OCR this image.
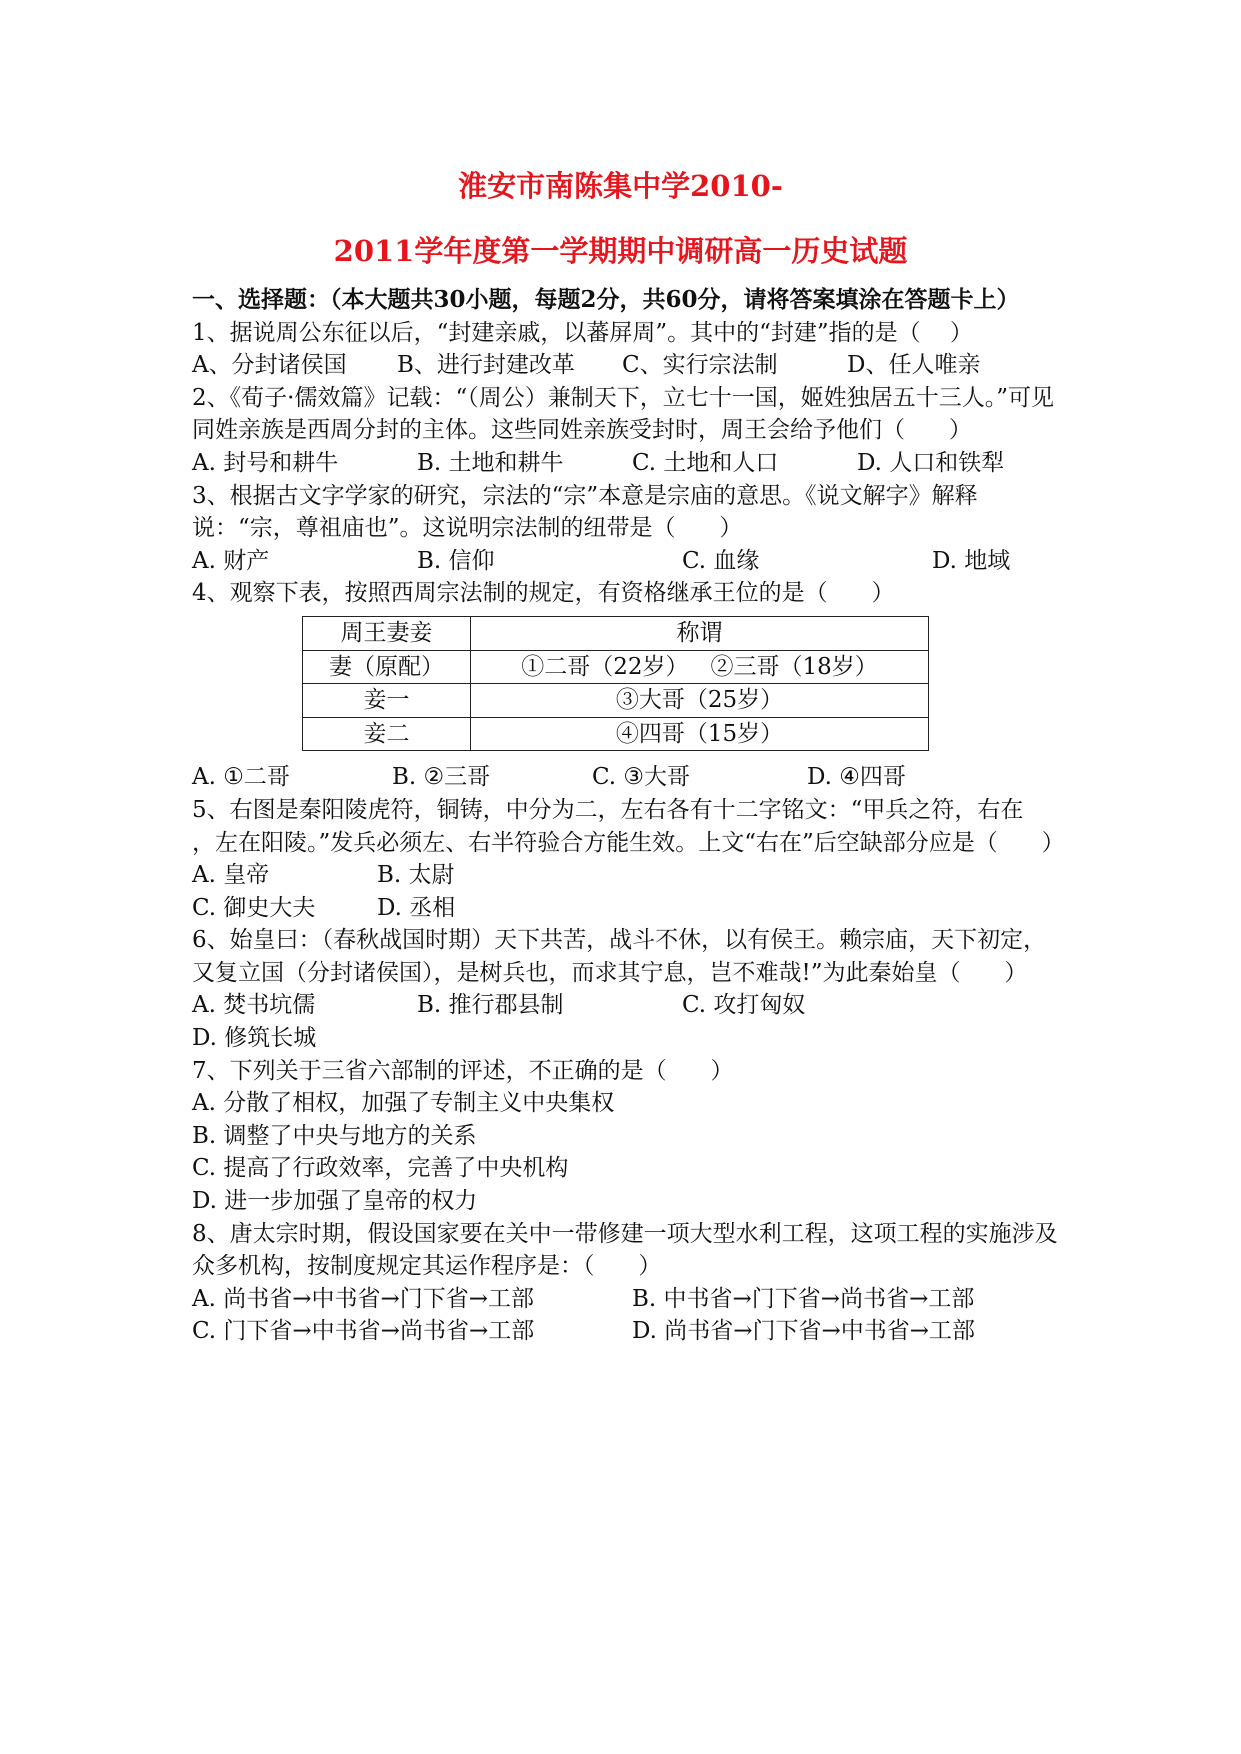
淮安市南陈集中学2010-
2011学年度第一学期期中调研高一历史试题

一、选择题：（本大题共30小题，每题2分，共60分，请将答案填涂在答题卡上）

1、据说周公东征以后，“封建亲戚，以蕃屏周”。其中的“封建”指的是（    ）

A、分封诸侯国	B、进行封建改革	C、实行宗法制	D、任人唯亲

2、《荀子·儒效篇》记载：“（周公）兼制天下，立七十一国，姬姓独居五十三人。”可见同姓亲族是西周分封的主体。这些同姓亲族受封时，周王会给予他们（      ）

A. 封号和耕牛	B. 土地和耕牛	C. 土地和人口	D. 人口和铁犁

3、根据古文字学家的研究，宗法的“宗”本意是宗庙的意思。《说文解字》解释说：“宗，尊祖庙也”。这说明宗法制的纽带是（      ）

A. 财产	B. 信仰	C. 血缘	D. 地域

4、观察下表，按照西周宗法制的规定，有资格继承王位的是（      ）

周王妻妾	称谓
妻（原配）	①二哥（22岁）   ②三哥（18岁）
妾一	③大哥（25岁）
妾二	④四哥（15岁）
A. ①二哥	B. ②三哥	C. ③大哥	D. ④四哥

5、右图是秦阳陵虎符，铜铸，中分为二，左右各有十二字铭文：“甲兵之符，右在

，左在阳陵。”发兵必须左、右半符验合方能生效。上文“右在”后空缺部分应是（      ）

A. 皇帝	B. 太尉
C. 御史大夫	D. 丞相

6、始皇曰：（春秋战国时期）天下共苦，战斗不休，以有侯王。赖宗庙，天下初定，又复立国（分封诸侯国），是树兵也，而求其宁息，岂不难哉!”为此秦始皇（      ）

A. 焚书坑儒	B. 推行郡县制	C. 攻打匈奴

D. 修筑长城

7、下列关于三省六部制的评述，不正确的是（      ）

A. 分散了相权，加强了专制主义中央集权

B. 调整了中央与地方的关系

C. 提高了行政效率，完善了中央机构

D. 进一步加强了皇帝的权力

8、唐太宗时期，假设国家要在关中一带修建一项大型水利工程，这项工程的实施涉及众多机构，按制度规定其运作程序是：（      ）

A. 尚书省→中书省→门下省→工部	B. 中书省→门下省→尚书省→工部
C. 门下省→中书省→尚书省→工部	D. 尚书省→门下省→中书省→工部
